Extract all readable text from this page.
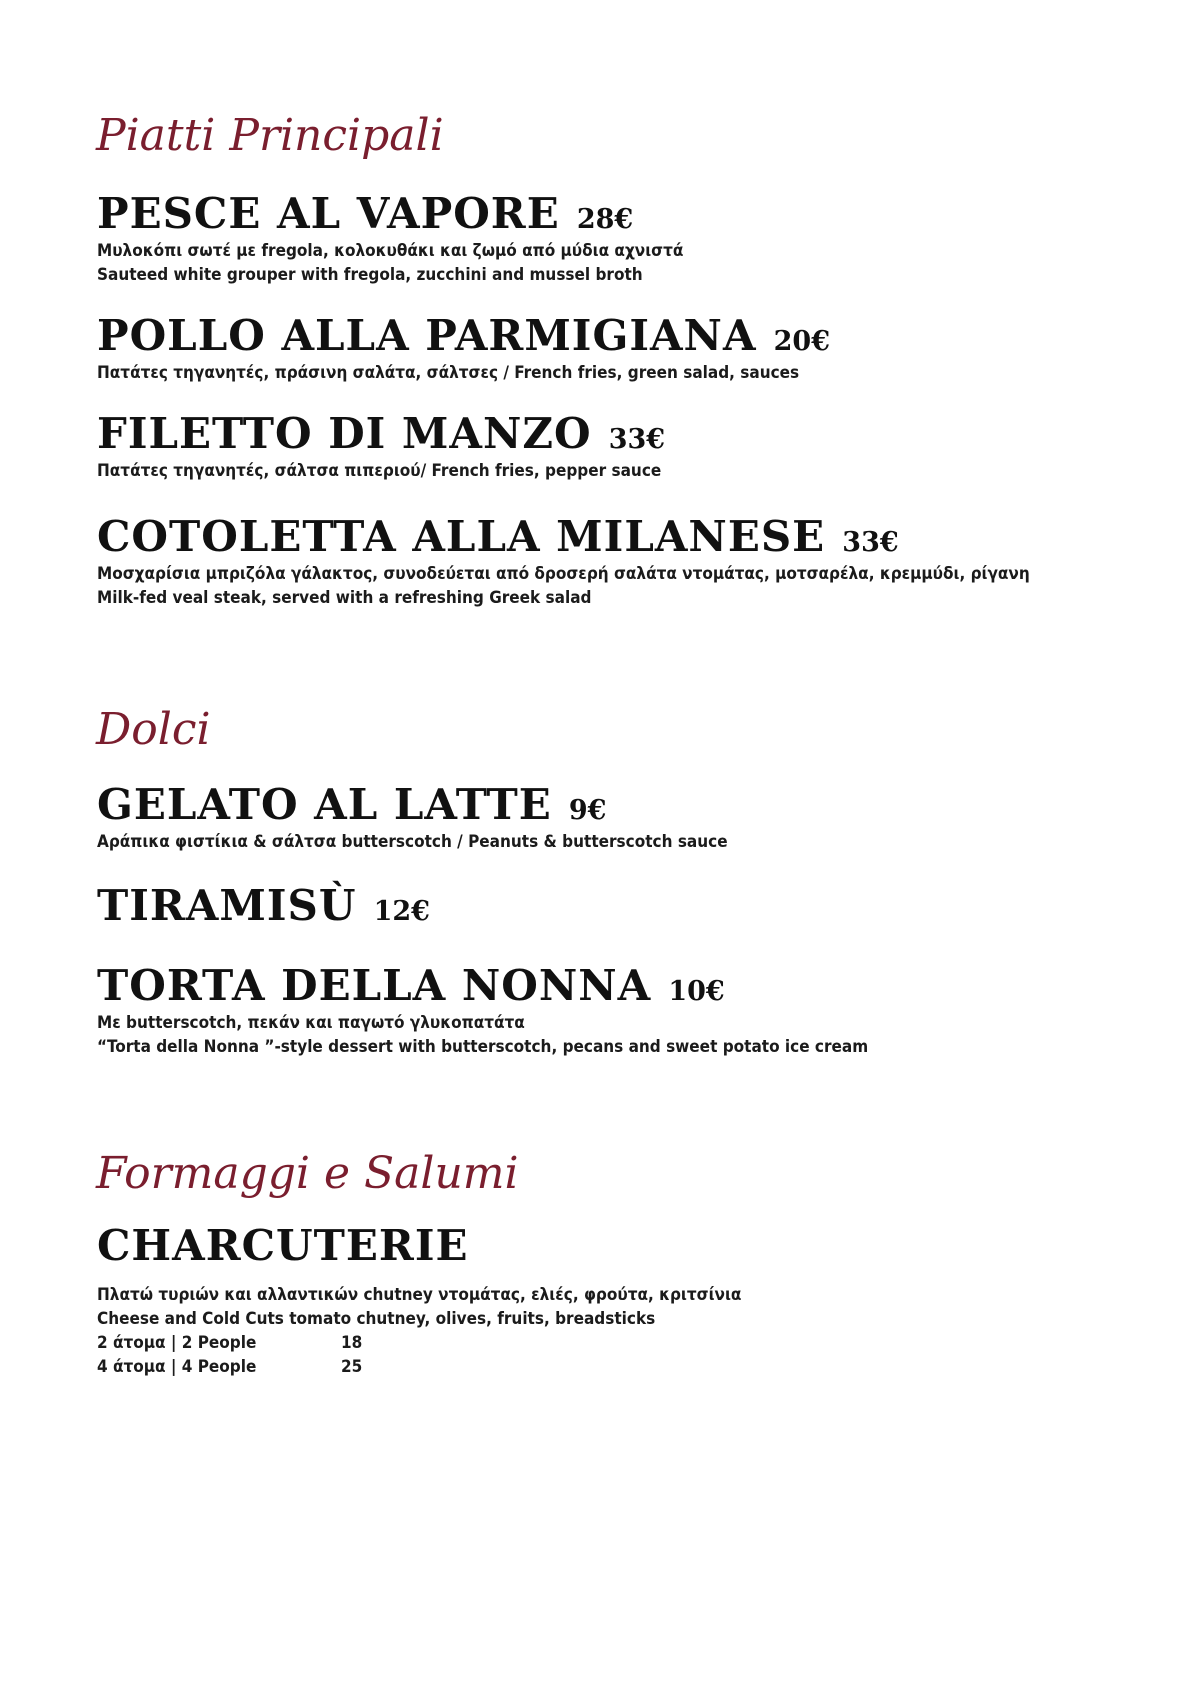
Piatti Principali
PESCE AL VAPORE 28€

Μυλοκόπι σωτέ με fregola, κολοκυθάκι και ζωμό από μύδια αχνιστά

Sauteed white grouper with fregola, zucchini and mussel broth

POLLO ALLA PARMIGIANA 20€

Πατάτες τηγανητές, πράσινη σαλάτα, σάλτσες / French fries, green salad, sauces

FILETTO DI MANZO 33€

Πατάτες τηγανητές, σάλτσα πιπεριού/ French fries, pepper sauce

COTOLETTA ALLA MILANESE 33€

Μοσχαρίσια μπριζόλα γάλακτος, συνοδεύεται από δροσερή σαλάτα ντομάτας, μοτσαρέλα, κρεμμύδι, ρίγανη

Milk-fed veal steak, served with a refreshing Greek salad

Dolci
GELATO AL LATTE 9€

Αράπικα φιστίκια & σάλτσα butterscotch / Peanuts & butterscotch sauce

TIRAMISÙ 12€
TORTA DELLA NONNA 10€

Με butterscotch, πεκάν και παγωτό γλυκοπατάτα

“Torta della Nonna ”-style dessert with butterscotch, pecans and sweet potato ice cream

Formaggi e Salumi
CHARCUTERIE

Πλατώ τυριών και αλλαντικών chutney ντομάτας, ελιές, φρούτα, κριτσίνια

Cheese and Cold Cuts tomato chutney, olives, fruits, breadsticks

2 άτομα | 2 People	18

4 άτομα | 4 People	25
